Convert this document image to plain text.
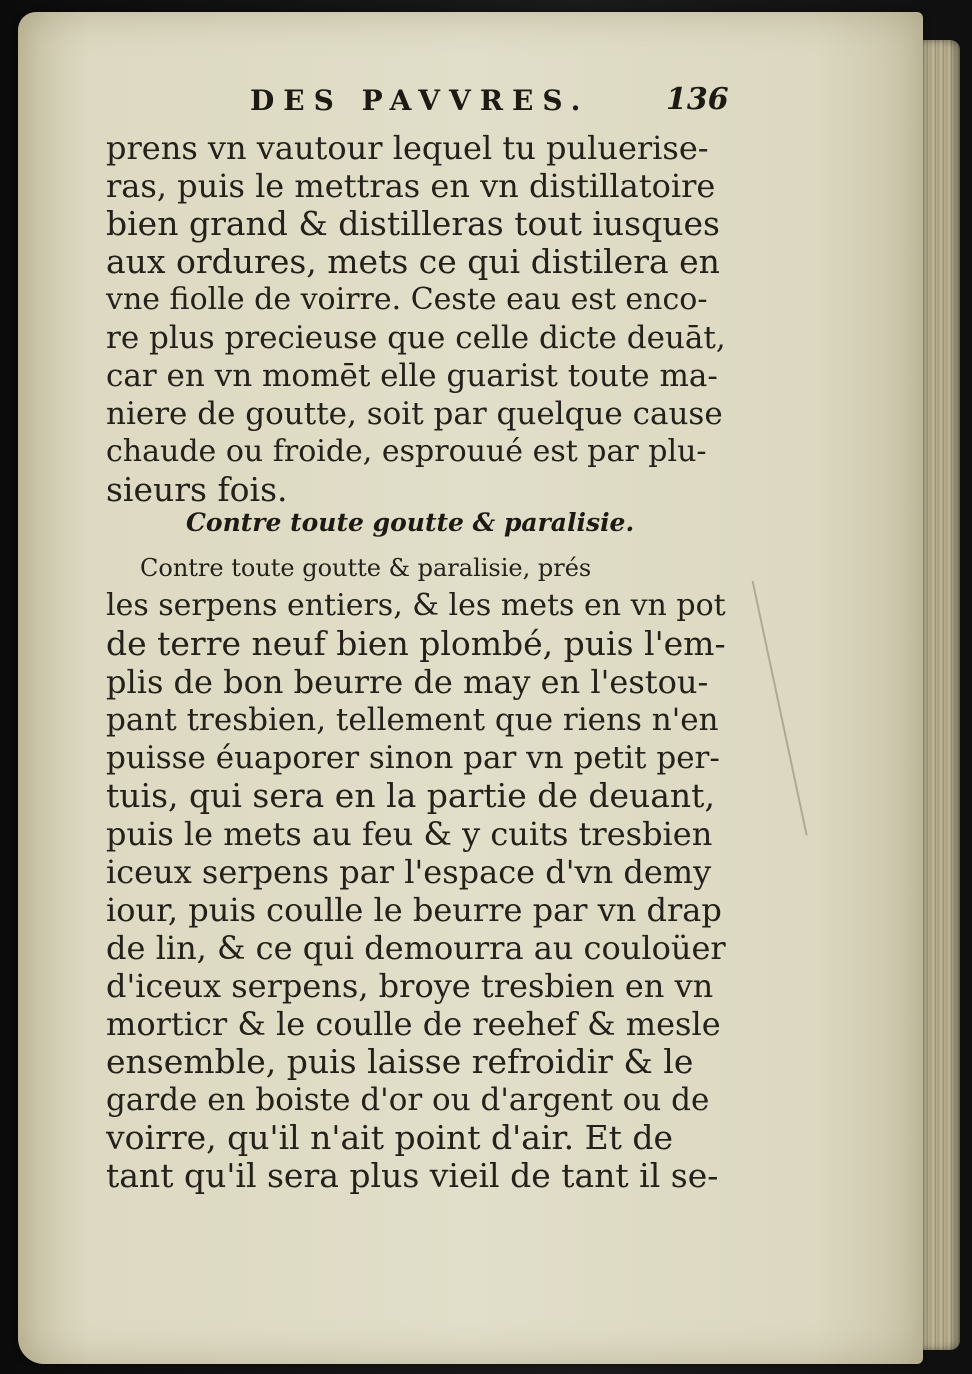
DES PAVVRES.	136
prens vn vautour lequel tu puluerise-
ras, puis le mettras en vn distillatoire
bien grand & distilleras tout iusques
aux ordures, mets ce qui distilera en
vne fiolle de voirre. Ceste eau est enco-
re plus precieuse que celle dicte deuāt,
car en vn momēt elle guarist toute ma-
niere de goutte, soit par quelque cause
chaude ou froide, esprouué est par plu-
sieurs fois.
Contre toute goutte & paralisie.
Contre toute goutte & paralisie, prés
les serpens entiers, & les mets en vn pot
de terre neuf bien plombé, puis l'em-
plis de bon beurre de may en l'estou-
pant tresbien, tellement que riens n'en
puisse éuaporer sinon par vn petit per-
tuis, qui sera en la partie de deuant,
puis le mets au feu & y cuits tresbien
iceux serpens par l'espace d'vn demy
iour, puis coulle le beurre par vn drap
de lin, & ce qui demourra au couloüer
d'iceux serpens, broye tresbien en vn
morticr & le coulle de reehef & mesle
ensemble, puis laisse refroidir & le
garde en boiste d'or ou d'argent ou de
voirre, qu'il n'ait point d'air. Et de
tant qu'il sera plus vieil de tant il se-
